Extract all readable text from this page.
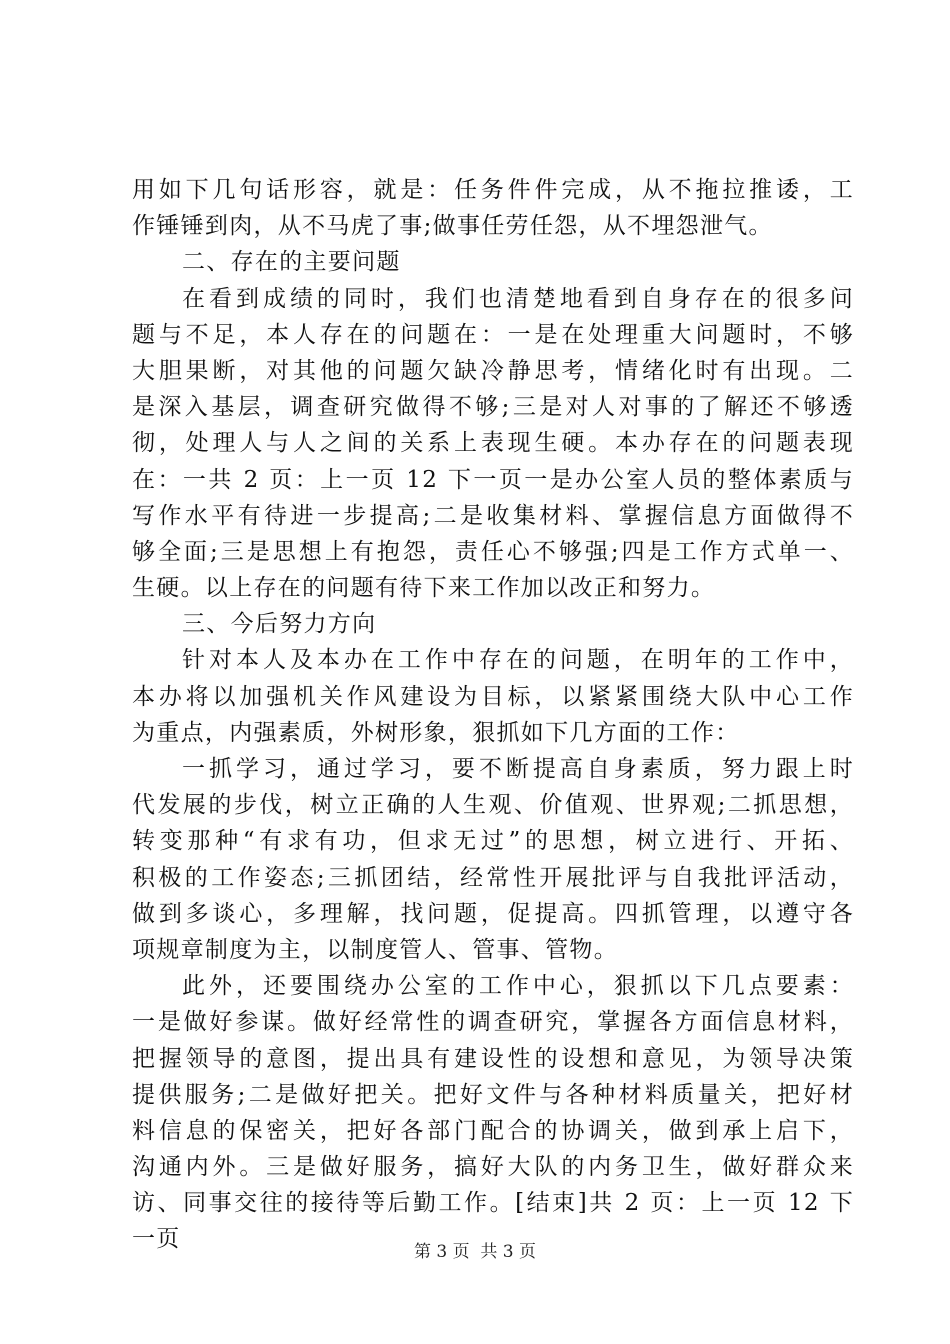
用如下几句话形容，就是：任务件件完成，从不拖拉推诿，工
作锤锤到肉，从不马虎了事;做事任劳任怨，从不埋怨泄气。
二、存在的主要问题
在看到成绩的同时，我们也清楚地看到自身存在的很多问
题与不足，本人存在的问题在：一是在处理重大问题时，不够
大胆果断，对其他的问题欠缺冷静思考，情绪化时有出现。二
是深入基层，调查研究做得不够;三是对人对事的了解还不够透
彻，处理人与人之间的关系上表现生硬。本办存在的问题表现
在：一共 2 页：上一页 12 下一页一是办公室人员的整体素质与
写作水平有待进一步提高;二是收集材料、掌握信息方面做得不
够全面;三是思想上有抱怨，责任心不够强;四是工作方式单一、
生硬。以上存在的问题有待下来工作加以改正和努力。
三、今后努力方向
针对本人及本办在工作中存在的问题，在明年的工作中，
本办将以加强机关作风建设为目标，以紧紧围绕大队中心工作
为重点，内强素质，外树形象，狠抓如下几方面的工作：
一抓学习，通过学习，要不断提高自身素质，努力跟上时
代发展的步伐，树立正确的人生观、价值观、世界观;二抓思想，
转变那种“有求有功，但求无过”的思想，树立进行、开拓、
积极的工作姿态;三抓团结，经常性开展批评与自我批评活动，
做到多谈心，多理解，找问题，促提高。四抓管理，以遵守各
项规章制度为主，以制度管人、管事、管物。
此外，还要围绕办公室的工作中心，狠抓以下几点要素：
一是做好参谋。做好经常性的调查研究，掌握各方面信息材料，
把握领导的意图，提出具有建设性的设想和意见，为领导决策
提供服务;二是做好把关。把好文件与各种材料质量关，把好材
料信息的保密关，把好各部门配合的协调关，做到承上启下，
沟通内外。三是做好服务，搞好大队的内务卫生，做好群众来
访、同事交往的接待等后勤工作。[结束]共 2 页：上一页 12 下
一页	第 3 页  共 3 页
